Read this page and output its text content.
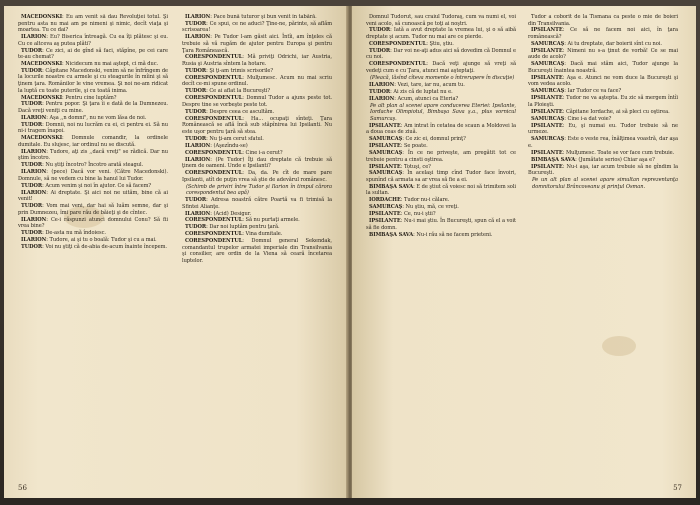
MACEDONSKI: Eu am venit să dau Revoluţiei totul. Şi pentru asta nu mai am pe nimeni şi nimic, decît viaţa şi moartea. Tu ce dai?

ILARION: Eu? Biserica întreagă. Cu ea îţi plătesc şi eu. Cu ce altceva aş putea plăti?

TUDOR: Ce zici, ai de gînd să faci, stăpîne, pe cei care te-au chemat?

MACEDONSKI: Nicidecum nu mai aştept, ci mă duc.

TUDOR: Căpitane Macedonski, venim să ne înfrîngem de la locurile noastre cu armele şi cu steagurile în mîini şi să ţinem ţara. Românilor le vine vremea. Şi noi ne-am ridicat la luptă cu toate puterile, şi cu toată inima.

MACEDONSKI: Pentru cine luptăm?

TUDOR: Pentru popor. Şi ţara îi e dată de la Dumnezeu. Dacă vreţi veniţi cu mine.

ILARION: Aşa ,,n domni", nu ne vom lăsa de noi.

TUDOR: Domnii, noi nu lucrăm cu ei, ci pentru ei. Să nu ni-i tragem înapoi.

MACEDONSKI: Domnule comandir, la ordinele dumitale. Eu slujesc, iar ordinul nu se discută.

ILARION: Tudore, aţi zis ,,dacă vreţi" se rădică. Dar nu ştim încotro.

TUDOR: Nu ştiţi încotro? Încotro arată steagul.

ILARION: (pece) Dacă vor veni. (Către Macedonski). Domnule, să ne vedem cu bine la hanul lui Tudor.

TUDOR: Acum venim şi noi în ajutor. Ce să facem?

ILARION: Ai dreptate. Şi aici noi ne uităm, bine că ai venit!

TUDOR: Vom mai veni, dar hai să luăm semne, dar şi prin Dumnezeu, îmi pare rău de băieţi şi de cîntec.

ILARION: Ce-i răspunzi atunci domnului Conu? Să fii vrea bine?

TUDOR: De-asta nu mă îndoiesc.

ILARION: Tudore, ai şi tu o boală: Tudor şi cu a mai.

TUDOR: Voi nu ştiţi că de-abia de-acum înainte începem.

ILARION: Pace bună tuturor şi bun venit în tabără.

TUDOR: Ce spui, ce ne aduci? Ţine-ne, părinte, să aflăm scrisoarea!

ILARION: Pe Tudor l-am găsit aici. Întîi, am înţeles că trebuie să vă rugăm de ajutor pentru Europa şi pentru Ţara Românească.

CORESPONDENTUL: Mă priviţi Odrichi, iar Austria, Rusia şi Austria sîntem la hotare.

TUDOR: Şi ţi-am trimis scrisorile?

CORESPONDENTUL: Mulţumesc. Acum nu mai scriu decît ce-mi spune ordinul.

TUDOR: Ce ai aflat la Bucureşti?

CORESPONDENTUL: Domnul Tudor a ajuns peste tot. Despre tine se vorbeşte peste tot.

TUDOR: Despre ceea ce ascultăm.

CORESPONDENTUL: Ha... ocupaţi sînteţi. Ţara Românească se află încă sub stăpînirea lui Ipsilanti. Nu este uşor pentru ţară să stea.

TUDOR: Nu ţi-am cerut sfatul.

ILARION: (Aşezîndu-se)

CORESPONDENTUL: Cine i-a cerut?

ILARION: (Pe Tudor) Îţi dau dreptate că trebuie să ţinem de oameni. Unde e Ipsilanti?

CORESPONDENTUL: Da, da. Pe cît de mare pare Ipsilanti, atît de puţin vrea să ştie de adevărul românesc.

(Schimb de priviri între Tudor şi Ilarion în timpul cărora corespondentul bea apă)

TUDOR: Adresa noastră către Poartă va fi trimisă la Sfintei Alianţe.

ILARION: (Acid) Desigur.

CORESPONDENTUL: Să nu purtaţi armele.

TUDOR: Dar noi luptăm pentru ţară.

CORESPONDENTUL: Vina dumitale.

CORESPONDENTUL: Domnul general Sekendak, comandantul trupelor armatei imperiale din Transilvania şi consilier, are ordin de la Viena să ceară încetarea luptelor.

56

Domnul Tudorut, sau craiul Tudoraş, cum va numi el, voi veni acolo, să cunoască pe toţi ai noştri.

TUDOR: Iată a avut dreptate la vremea lui, şi o să aibă dreptate şi acum. Tudor nu mai are ce pierde.

CORESPONDENTUL: Ştiu, ştiu.

TUDOR: Dar voi ne-aţi adus aici să dovedim că Domnul e cu noi.

CORESPONDENTUL: Dacă veţi ajunge să vreţi să vedeţi cum e cu Ţara, atunci mai aşteptaţi.

(Pleacă, lăsînd cîteva momente o întrerupere în discuţie)

ILARION: Vezi, tare, iar nu, acum tu.

TUDOR: Ai zis că de luptat nu e.

ILARION: Acum, atunci ca Eteria?

Pe alt plan al scenei apare conducerea Eteriei: Ipsilante, Iordache Olimpiotul, Bimbaşa Sava ş.a., plus vornicul Samurcaş.

IPSILANTE: Am intrat în cetatea de scaun a Moldovei la a doua ceas de ziuă.

SAMURCAŞ: Ce zic ei, domnul prinţ?

IPSILANTE: Se poate.

SAMURCAŞ: În ce ne priveşte, am pregătit tot ce trebuie pentru a cinsti oştirea.

IPSILANTE: Totuşi, ce?

SAMURCAŞ: În acelaşi timp cînd Tudor face învoiri, spunînd că armata sa ar vrea să fie a ei.

BIMBAŞA SAVA: E de ştiut că voiesc noi să trimitem soli la sultan.

IORDACHE: Tudor nu-i călare.

SAMURCAŞ: Nu ştiu, mă, ce vreţi.

IPSILANTE: Ce, nu-i ştii?

IPSILANTE: Nu-i mai ştiu. În Bucureşti, spun că el a voit să fie domn.

BIMBAŞA SAVA: Nu-i rău să ne facem prieteni.

Tudor a coborît de la Tismana ca peste o mie de boieri din Transilvania.

IPSILANTE: Ce să ne facem noi aici, în ţara românească?

SAMURCAŞ: Ai tu dreptate, dar boierii sînt cu noi.

IPSILANTE: Nimeni nu s-a ţinut de vorbă! Ce se mai aude de acolo?

SAMURCAŞ: Dacă mai stăm aici, Tudor ajunge la Bucureşti înaintea noastră.

IPSILANTE: Aşa e. Atunci ne vom duce la Bucureşti şi vom vedea acolo.

SAMURCAŞ: Iar Tudor ce va face?

IPSILANTE: Tudor ne va aştepta. Eu zic să mergem întîi la Ploieşti.

IPSILANTE: Căpitane Iordache, ai să pleci cu oştirea.

SAMURCAŞ: Cine i-a dat voie?

IPSILANTE: Eu, şi numai eu. Tudor trebuie să ne urmeze.

SAMURCAŞ: Este o veste rea, înălţimea voastră, dar aşa e.

IPSILANTE: Mulţumesc. Toate se vor face cum trebuie.

BIMBAŞA SAVA: (Jumătate serios) Chiar aşa e?

IPSILANTE: Nu-i aşa, iar acum trebuie să ne gîndim la Bucureşti.

Pe un alt plan al scenei apare simultan reprezentanţa domnitorului Brâncoveanu şi prinţul Osman.

57
